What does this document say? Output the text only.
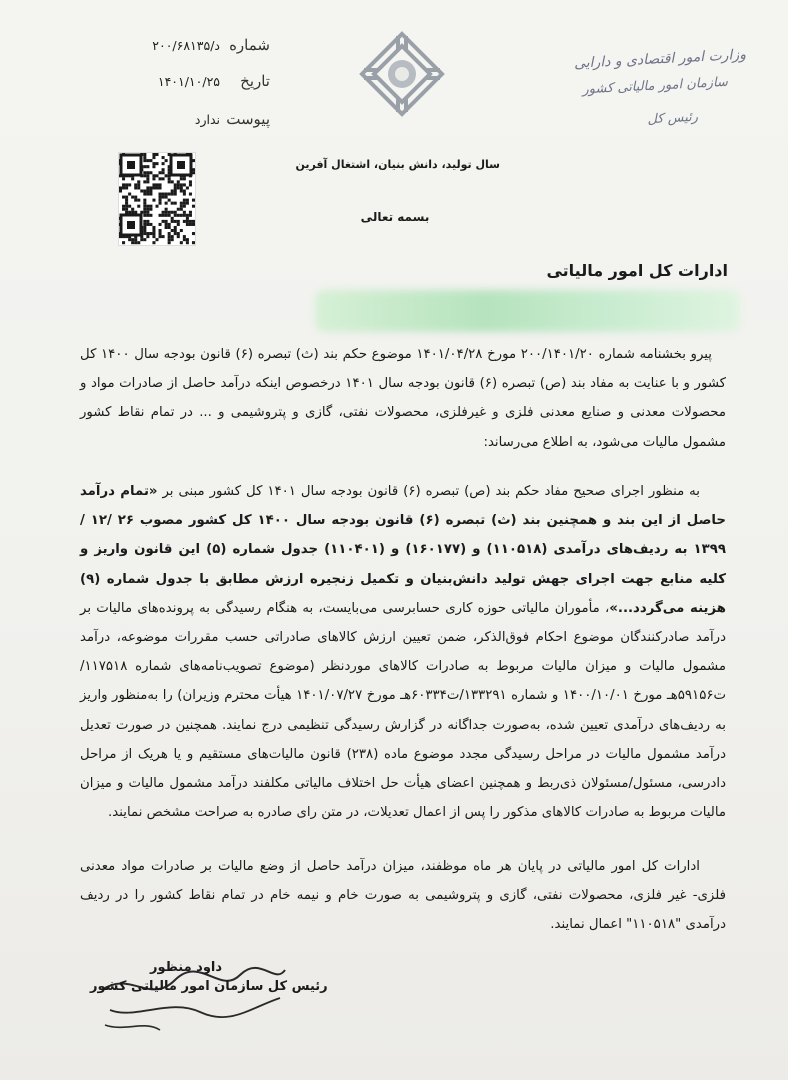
شماره
د/۲۰۰/۶۸۱۳۵
تاریخ
۱۴۰۱/۱۰/۲۵
پیوست
ندارد
وزارت امور اقتصادی و دارایی
سازمان امور مالیاتی کشور
رئیس کل
سال تولید، دانش بنیان، اشتغال آفرین
بسمه تعالی
ادارات کل امور مالیاتی
پیرو بخشنامه شماره ۲۰۰/۱۴۰۱/۲۰ مورخ ۱۴۰۱/۰۴/۲۸ موضوع حکم بند (ث) تبصره (۶) قانون بودجه سال ۱۴۰۰ کل کشور و با عنایت به مفاد بند (ص) تبصره (۶) قانون بودجه سال ۱۴۰۱ درخصوص اینکه درآمد حاصل از صادرات مواد و محصولات معدنی و صنایع معدنی فلزی و غیرفلزی، محصولات نفتی، گازی و پتروشیمی و ... در تمام نقاط کشور مشمول مالیات می‌شود، به اطلاع می‌رساند:
به منظور اجرای صحیح مفاد حکم بند (ص) تبصره (۶) قانون بودجه سال ۱۴۰۱ کل کشور مبنی بر «تمام درآمد حاصل از این بند و همچنین بند (ث) تبصره (۶) قانون بودجه سال ۱۴۰۰ کل کشور مصوب ۲۶ /۱۲ /۱۳۹۹ به ردیف‌های درآمدی (۱۱۰۵۱۸) و (۱۶۰۱۷۷) و (۱۱۰۴۰۱) جدول شماره (۵) این قانون واریز و کلیه منابع جهت اجرای جهش تولید دانش‌بنیان و تکمیل زنجیره ارزش مطابق با جدول شماره (۹) هزینه می‌گردد...»، مأموران مالیاتی حوزه کاری حسابرسی می‌بایست، به هنگام رسیدگی به پرونده‌های مالیات بر درآمد صادرکنندگان موضوع احکام فوق‌الذکر، ضمن تعیین ارزش کالاهای صادراتی حسب مقررات موضوعه، درآمد مشمول مالیات و میزان مالیات مربوط به صادرات کالاهای موردنظر (موضوع تصویب‌نامه‌های شماره ۱۱۷۵۱۸/ت۵۹۱۵۶هـ مورخ ۱۴۰۰/۱۰/۰۱ و شماره ۱۳۳۲۹۱/ت۶۰۳۳۴هـ مورخ ۱۴۰۱/۰۷/۲۷ هیأت محترم وزیران) را به‌منظور واریز به ردیف‌های درآمدی تعیین شده، به‌صورت جداگانه در گزارش رسیدگی تنظیمی درج نمایند. همچنین در صورت تعدیل درآمد مشمول مالیات در مراحل رسیدگی مجدد موضوع ماده (۲۳۸) قانون مالیات‌های مستقیم و یا هریک از مراحل دادرسی، مسئول/مسئولان ذی‌ربط و همچنین اعضای هیأت حل اختلاف مالیاتی مکلفند درآمد مشمول مالیات و میزان مالیات مربوط به صادرات کالاهای مذکور را پس از اعمال تعدیلات، در متن رای صادره به صراحت مشخص نمایند.
ادارات کل امور مالیاتی در پایان هر ماه موظفند، میزان درآمد حاصل از وضع مالیات بر صادرات مواد معدنی فلزی- غیر فلزی، محصولات نفتی، گازی و پتروشیمی به صورت خام و نیمه خام در تمام نقاط کشور را در ردیف درآمدی "۱۱۰۵۱۸" اعمال نمایند.
داود منظور
رئیس کل سازمان امور مالیاتی کشور
